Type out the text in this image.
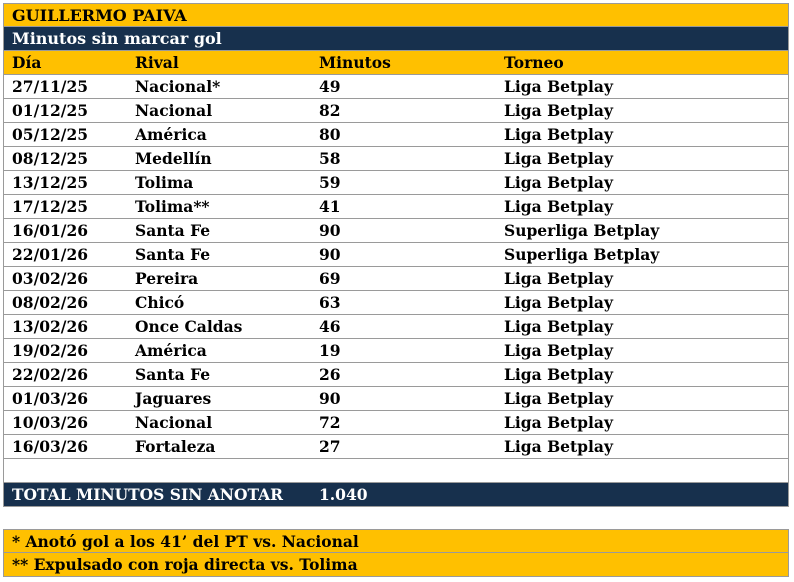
GUILLERMO PAIVA
Minutos sin marcar gol
Día	Rival	Minutos	Torneo
27/11/25	Nacional*	49	Liga Betplay
01/12/25	Nacional	82	Liga Betplay
05/12/25	América	80	Liga Betplay
08/12/25	Medellín	58	Liga Betplay
13/12/25	Tolima	59	Liga Betplay
17/12/25	Tolima**	41	Liga Betplay
16/01/26	Santa Fe	90	Superliga Betplay
22/01/26	Santa Fe	90	Superliga Betplay
03/02/26	Pereira	69	Liga Betplay
08/02/26	Chicó	63	Liga Betplay
13/02/26	Once Caldas	46	Liga Betplay
19/02/26	América	19	Liga Betplay
22/02/26	Santa Fe	26	Liga Betplay
01/03/26	Jaguares	90	Liga Betplay
10/03/26	Nacional	72	Liga Betplay
16/03/26	Fortaleza	27	Liga Betplay
TOTAL MINUTOS SIN ANOTAR 1.040
* Anotó gol a los 41’ del PT vs. Nacional
** Expulsado con roja directa vs. Tolima
